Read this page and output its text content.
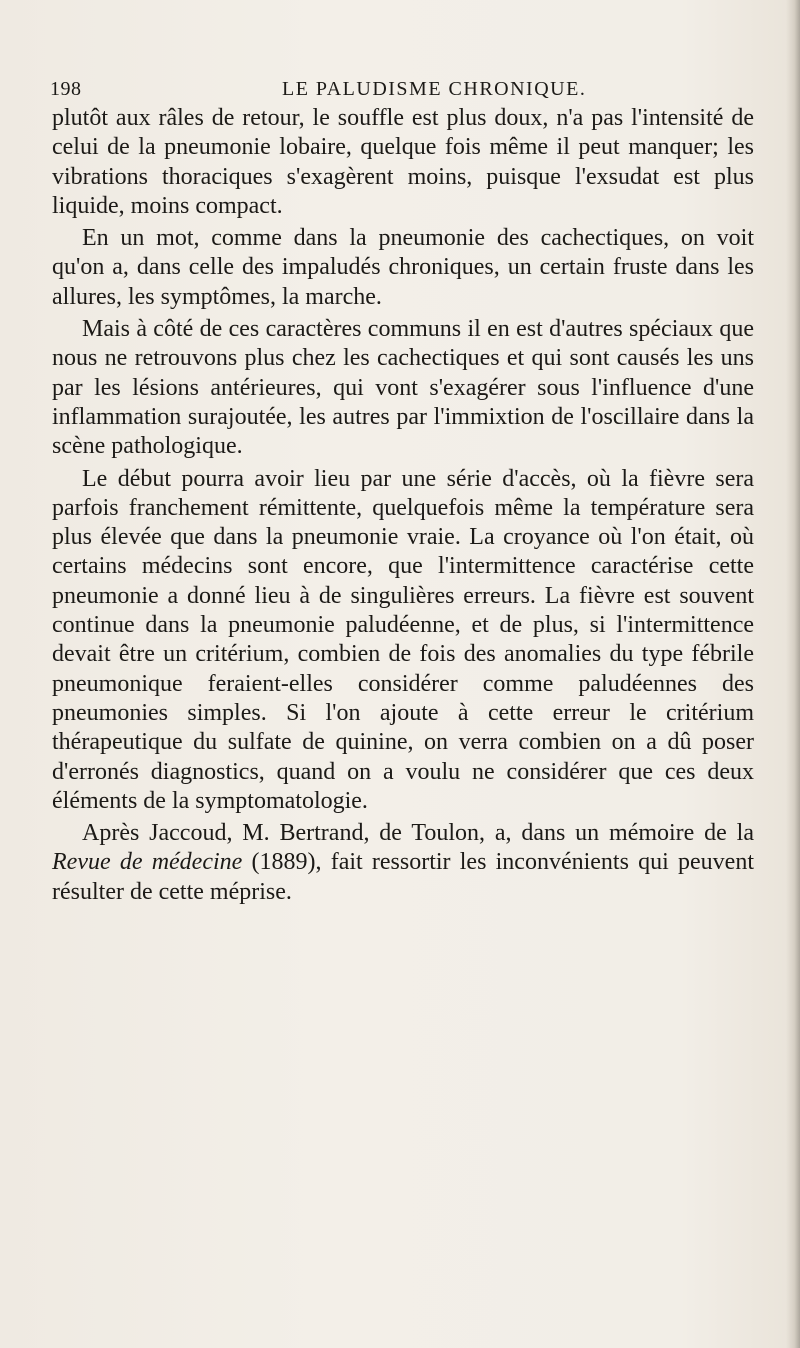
198	LE PALUDISME CHRONIQUE.

plutôt aux râles de retour, le souffle est plus doux, n'a pas l'intensité de celui de la pneumonie lobaire, quelque fois même il peut manquer; les vibrations thoraciques s'exagèrent moins, puisque l'exsudat est plus liquide, moins compact.

En un mot, comme dans la pneumonie des cachectiques, on voit qu'on a, dans celle des impaludés chroniques, un certain fruste dans les allures, les symptômes, la marche.

Mais à côté de ces caractères communs il en est d'autres spéciaux que nous ne retrouvons plus chez les cachectiques et qui sont causés les uns par les lésions antérieures, qui vont s'exagérer sous l'influence d'une inflammation surajoutée, les autres par l'immixtion de l'oscillaire dans la scène pathologique.

Le début pourra avoir lieu par une série d'accès, où la fièvre sera parfois franchement rémittente, quelquefois même la température sera plus élevée que dans la pneumonie vraie. La croyance où l'on était, où certains médecins sont encore, que l'intermittence caractérise cette pneumonie a donné lieu à de singulières erreurs. La fièvre est souvent continue dans la pneumonie paludéenne, et de plus, si l'intermittence devait être un critérium, combien de fois des anomalies du type fébrile pneumonique feraient-elles considérer comme paludéennes des pneumonies simples. Si l'on ajoute à cette erreur le critérium thérapeutique du sulfate de quinine, on verra combien on a dû poser d'erronés diagnostics, quand on a voulu ne considérer que ces deux éléments de la symptomatologie.

Après Jaccoud, M. Bertrand, de Toulon, a, dans un mémoire de la Revue de médecine (1889), fait ressortir les inconvénients qui peuvent résulter de cette méprise.
